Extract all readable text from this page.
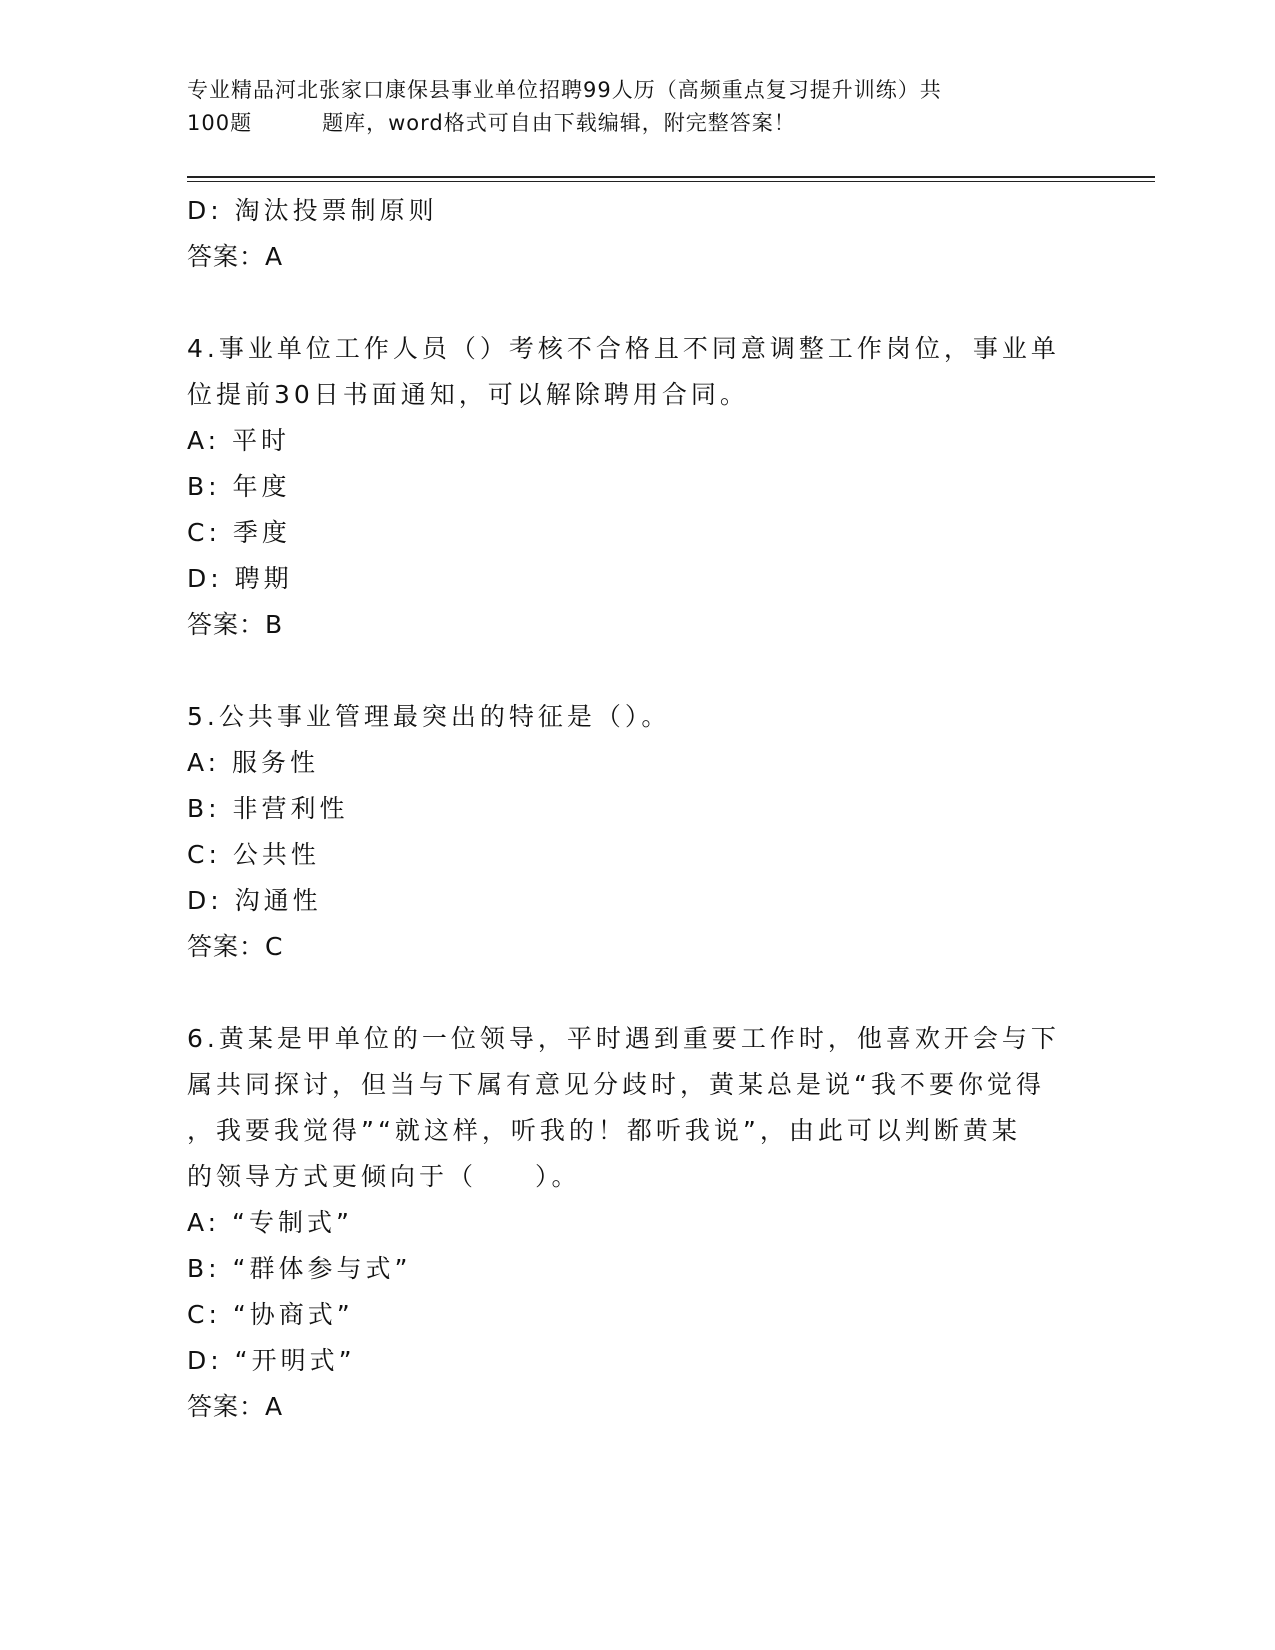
专业精品河北张家口康保县事业单位招聘99人历（高频重点复习提升训练）共
100题	题库，word格式可自由下载编辑，附完整答案！
D: 淘汰投票制原则
答案：A
4.事业单位工作人员（）考核不合格且不同意调整工作岗位，事业单
位提前30日书面通知，可以解除聘用合同。
A: 平时
B: 年度
C: 季度
D: 聘期
答案：B
5.公共事业管理最突出的特征是（）。
A: 服务性
B: 非营利性
C: 公共性
D: 沟通性
答案：C
6.黄某是甲单位的一位领导，平时遇到重要工作时，他喜欢开会与下
属共同探讨，但当与下属有意见分歧时，黄某总是说“我不要你觉得
，我要我觉得”“就这样，听我的！都听我说”，由此可以判断黄某
的领导方式更倾向于（　　）。
A: “专制式”
B: “群体参与式”
C: “协商式”
D: “开明式”
答案：A
